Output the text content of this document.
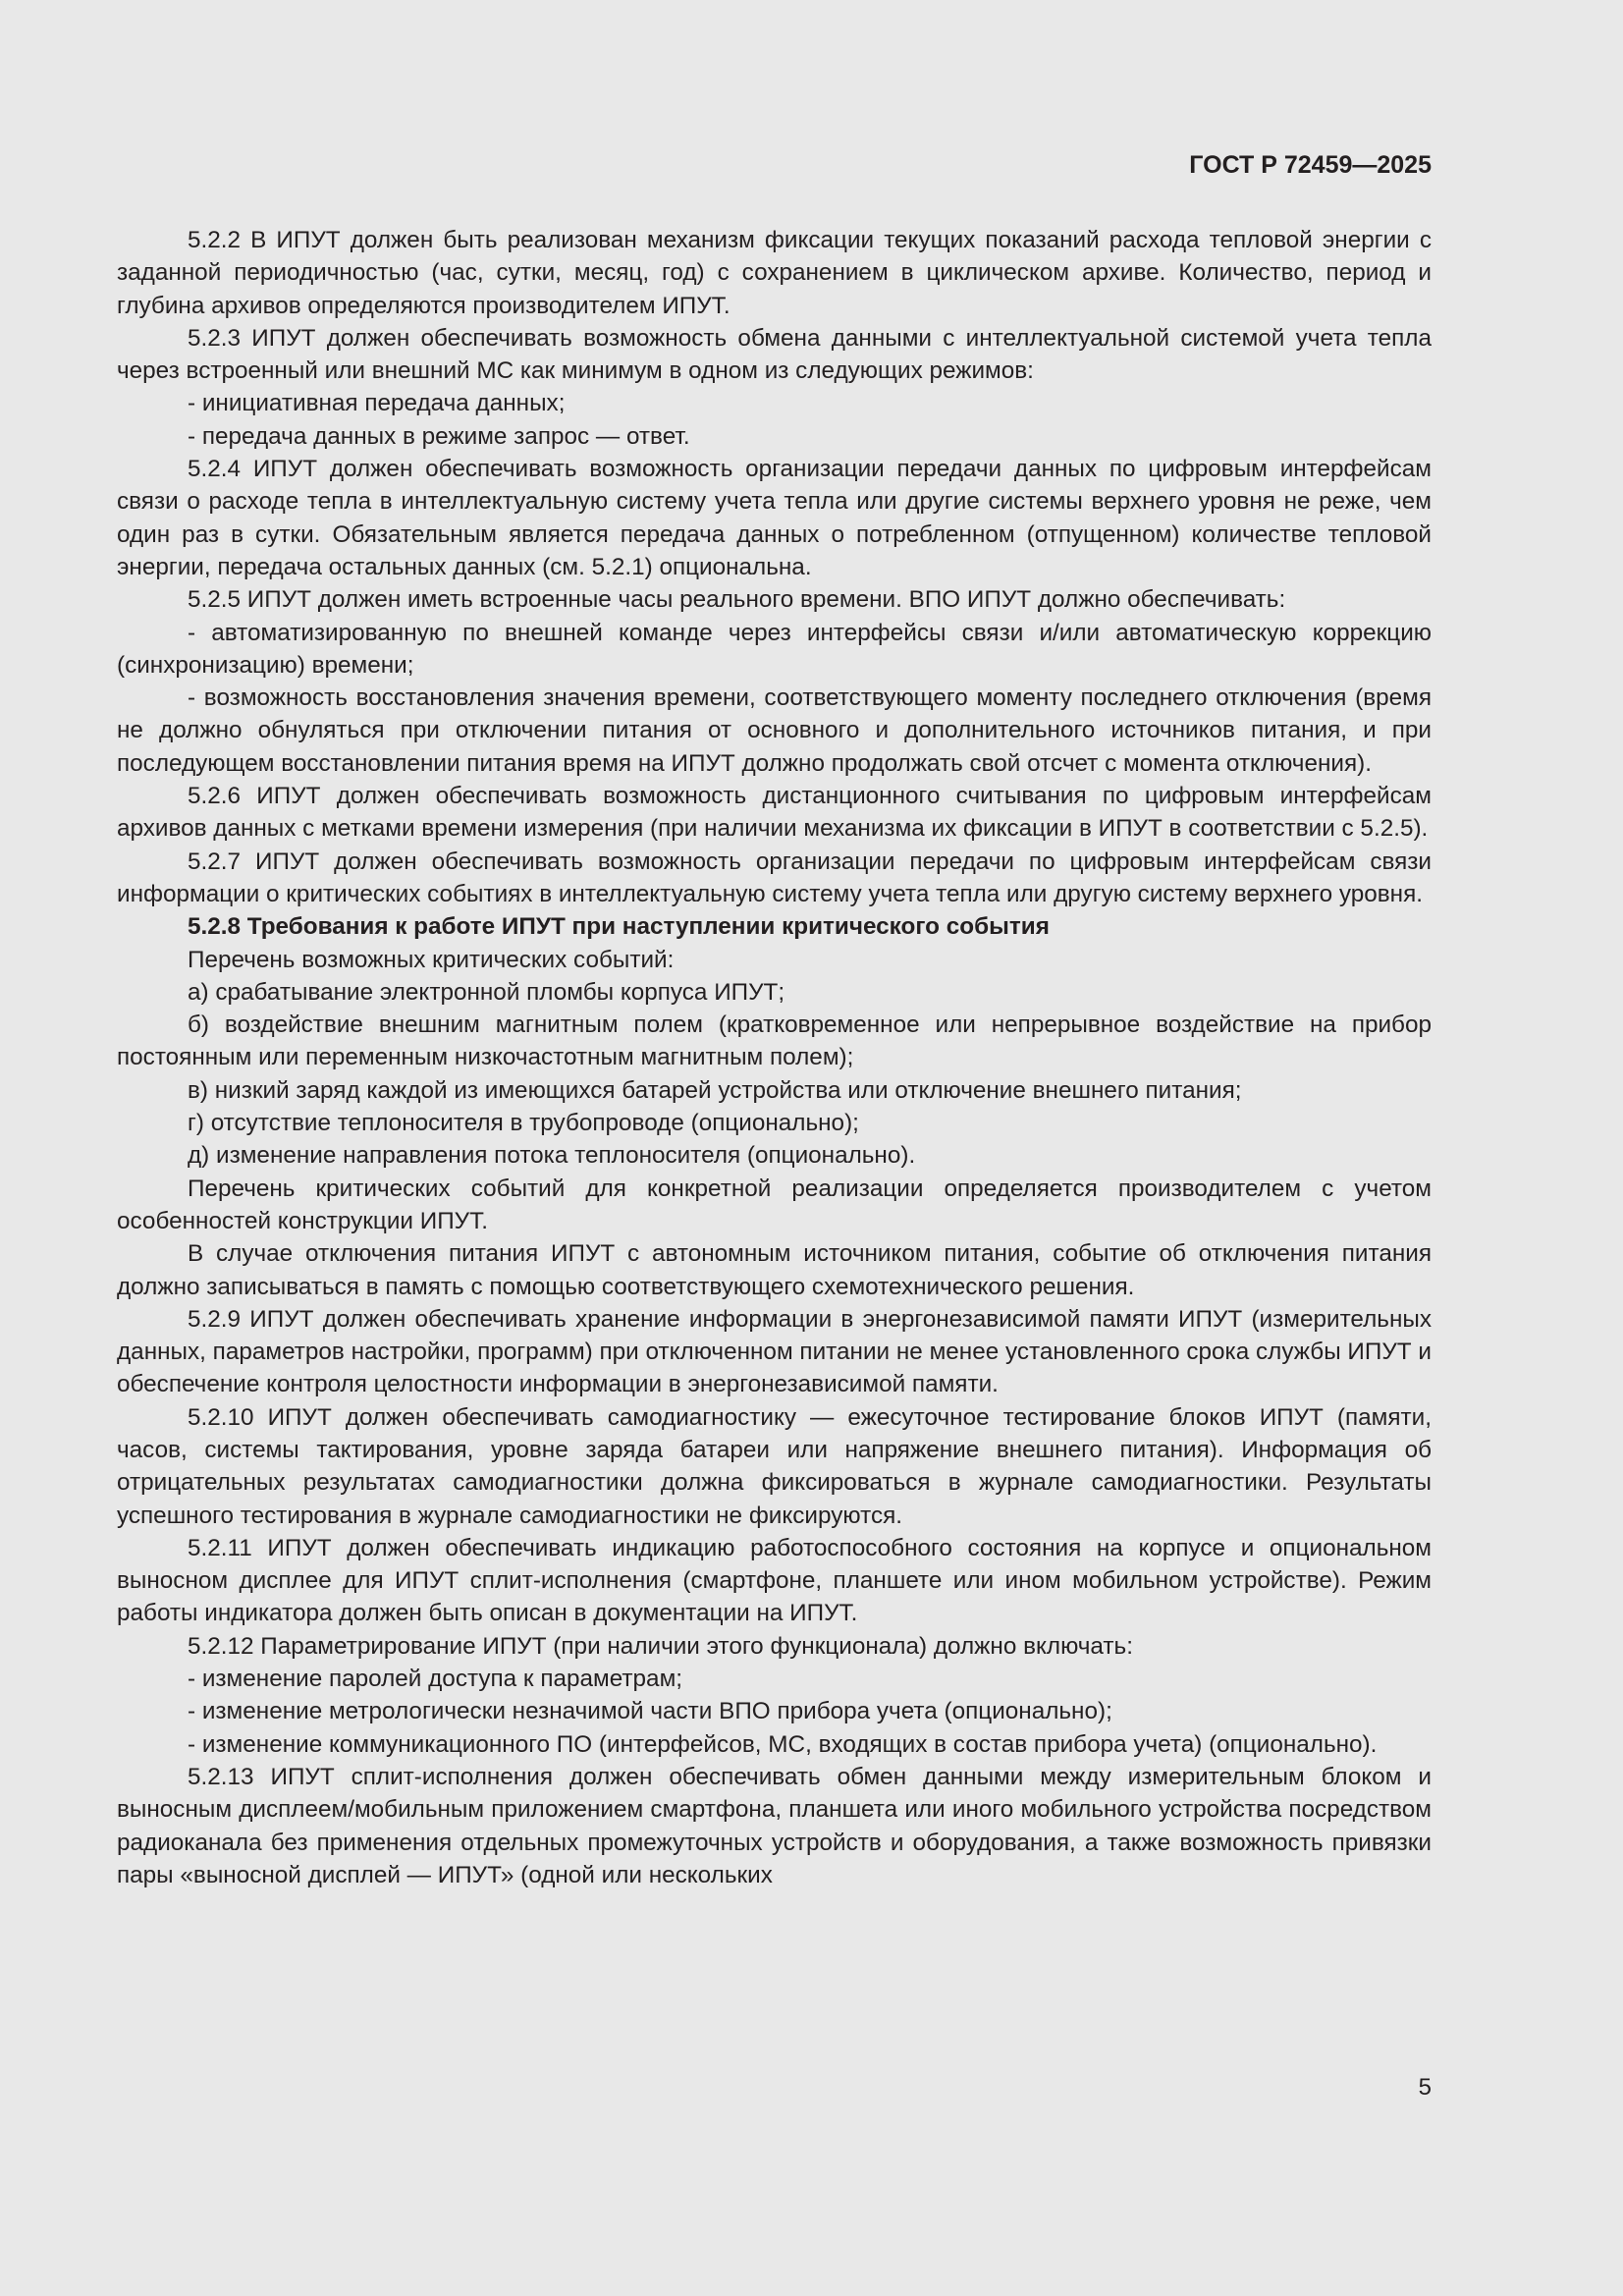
ГОСТ Р 72459—2025

5.2.2 В ИПУТ должен быть реализован механизм фиксации текущих показаний расхода тепловой энергии с заданной периодичностью (час, сутки, месяц, год) с сохранением в циклическом архиве. Количество, период и глубина архивов определяются производителем ИПУТ.

5.2.3 ИПУТ должен обеспечивать возможность обмена данными с интеллектуальной системой учета тепла через встроенный или внешний МС как минимум в одном из следующих режимов:

- инициативная передача данных;

- передача данных в режиме запрос — ответ.

5.2.4 ИПУТ должен обеспечивать возможность организации передачи данных по цифровым интерфейсам связи о расходе тепла в интеллектуальную систему учета тепла или другие системы верхнего уровня не реже, чем один раз в сутки. Обязательным является передача данных о потребленном (отпущенном) количестве тепловой энергии, передача остальных данных (см. 5.2.1) опциональна.

5.2.5 ИПУТ должен иметь встроенные часы реального времени. ВПО ИПУТ должно обеспечивать:

- автоматизированную по внешней команде через интерфейсы связи и/или автоматическую коррекцию (синхронизацию) времени;

- возможность восстановления значения времени, соответствующего моменту последнего отключения (время не должно обнуляться при отключении питания от основного и дополнительного источников питания, и при последующем восстановлении питания время на ИПУТ должно продолжать свой отсчет с момента отключения).

5.2.6 ИПУТ должен обеспечивать возможность дистанционного считывания по цифровым интерфейсам архивов данных с метками времени измерения (при наличии механизма их фиксации в ИПУТ в соответствии с 5.2.5).

5.2.7 ИПУТ должен обеспечивать возможность организации передачи по цифровым интерфейсам связи информации о критических событиях в интеллектуальную систему учета тепла или другую систему верхнего уровня.

5.2.8 Требования к работе ИПУТ при наступлении критического события

Перечень возможных критических событий:

а) срабатывание электронной пломбы корпуса ИПУТ;

б) воздействие внешним магнитным полем (кратковременное или непрерывное воздействие на прибор постоянным или переменным низкочастотным магнитным полем);

в) низкий заряд каждой из имеющихся батарей устройства или отключение внешнего питания;

г) отсутствие теплоносителя в трубопроводе (опционально);

д) изменение направления потока теплоносителя (опционально).

Перечень критических событий для конкретной реализации определяется производителем с учетом особенностей конструкции ИПУТ.

В случае отключения питания ИПУТ с автономным источником питания, событие об отключения питания должно записываться в память с помощью соответствующего схемотехнического решения.

5.2.9 ИПУТ должен обеспечивать хранение информации в энергонезависимой памяти ИПУТ (измерительных данных, параметров настройки, программ) при отключенном питании не менее установленного срока службы ИПУТ и обеспечение контроля целостности информации в энергонезависимой памяти.

5.2.10 ИПУТ должен обеспечивать самодиагностику — ежесуточное тестирование блоков ИПУТ (памяти, часов, системы тактирования, уровне заряда батареи или напряжение внешнего питания). Информация об отрицательных результатах самодиагностики должна фиксироваться в журнале самодиагностики. Результаты успешного тестирования в журнале самодиагностики не фиксируются.

5.2.11 ИПУТ должен обеспечивать индикацию работоспособного состояния на корпусе и опциональном выносном дисплее для ИПУТ сплит-исполнения (смартфоне, планшете или ином мобильном устройстве). Режим работы индикатора должен быть описан в документации на ИПУТ.

5.2.12 Параметрирование ИПУТ (при наличии этого функционала) должно включать:

- изменение паролей доступа к параметрам;

- изменение метрологически незначимой части ВПО прибора учета (опционально);

- изменение коммуникационного ПО (интерфейсов, МС, входящих в состав прибора учета) (опционально).

5.2.13 ИПУТ сплит-исполнения должен обеспечивать обмен данными между измерительным блоком и выносным дисплеем/мобильным приложением смартфона, планшета или иного мобильного устройства посредством радиоканала без применения отдельных промежуточных устройств и оборудования, а также возможность привязки пары «выносной дисплей — ИПУТ» (одной или нескольких

5
